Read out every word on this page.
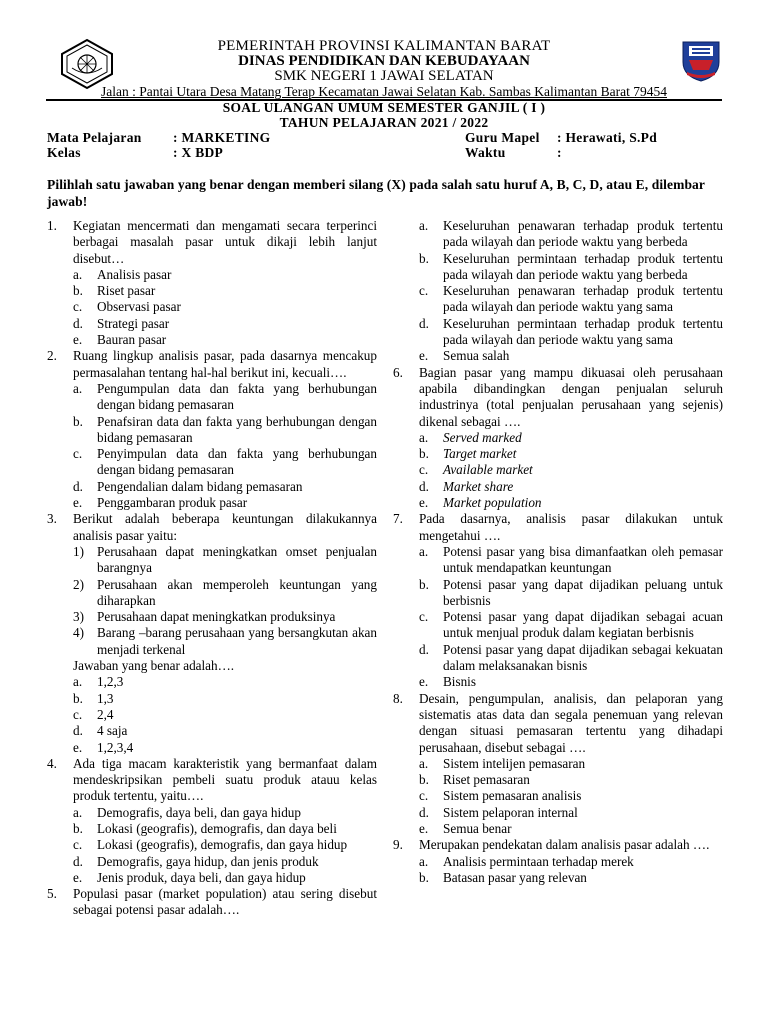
PEMERINTAH PROVINSI KALIMANTAN BARAT
DINAS PENDIDIKAN DAN KEBUDAYAAN
SMK NEGERI 1 JAWAI SELATAN
Jalan : Pantai Utara Desa Matang Terap Kecamatan Jawai Selatan Kab. Sambas Kalimantan Barat 79454
SOAL ULANGAN UMUM SEMESTER GANJIL ( I )
TAHUN PELAJARAN 2021 / 2022
Mata Pelajaran : MARKETING
Kelas	: X BDP
Guru Mapel : Herawati, S.Pd
Waktu	:
Pilihlah satu jawaban yang benar dengan memberi silang (X) pada salah satu huruf A, B, C, D, atau E, dilembar jawab!
1. Kegiatan mencermati dan mengamati secara terperinci berbagai masalah pasar untuk dikaji lebih lanjut disebut…
a. Analisis pasar
b. Riset pasar
c. Observasi pasar
d. Strategi pasar
e. Bauran pasar
2. Ruang lingkup analisis pasar, pada dasarnya mencakup permasalahan tentang hal-hal berikut ini, kecuali….
a. Pengumpulan data dan fakta yang berhubungan dengan bidang pemasaran
b. Penafsiran data dan fakta yang berhubungan dengan bidang pemasaran
c. Penyimpulan data dan fakta yang berhubungan dengan bidang pemasaran
d. Pengendalian dalam bidang pemasaran
e. Penggambaran produk pasar
3. Berikut adalah beberapa keuntungan dilakukannya analisis pasar yaitu:
1) Perusahaan dapat meningkatkan omset penjualan barangnya
2) Perusahaan akan memperoleh keuntungan yang diharapkan
3) Perusahaan dapat meningkatkan produksinya
4) Barang –barang perusahaan yang bersangkutan akan menjadi terkenal
Jawaban yang benar adalah….
a. 1,2,3
b. 1,3
c. 2,4
d. 4 saja
e. 1,2,3,4
4. Ada tiga macam karakteristik yang bermanfaat dalam mendeskripsikan pembeli suatu produk atauu kelas produk tertentu, yaitu….
a. Demografis, daya beli, dan gaya hidup
b. Lokasi (geografis), demografis, dan daya beli
c. Lokasi (geografis), demografis, dan gaya hidup
d. Demografis, gaya hidup, dan jenis produk
e. Jenis produk, daya beli, dan gaya hidup
5. Populasi pasar (market population) atau sering disebut sebagai potensi pasar adalah….
a. Keseluruhan penawaran terhadap produk tertentu pada wilayah dan periode waktu yang berbeda
b. Keseluruhan permintaan terhadap produk tertentu pada wilayah dan periode waktu yang berbeda
c. Keseluruhan penawaran terhadap produk tertentu pada wilayah dan periode waktu yang sama
d. Keseluruhan permintaan terhadap produk tertentu pada wilayah dan periode waktu yang sama
e. Semua salah
6. Bagian pasar yang mampu dikuasai oleh perusahaan apabila dibandingkan dengan penjualan seluruh industrinya (total penjualan perusahaan yang sejenis) dikenal sebagai ….
a. Served marked
b. Target market
c. Available market
d. Market share
e. Market population
7. Pada dasarnya, analisis pasar dilakukan untuk mengetahui ….
a. Potensi pasar yang bisa dimanfaatkan oleh pemasar untuk mendapatkan keuntungan
b. Potensi pasar yang dapat dijadikan peluang untuk berbisnis
c. Potensi pasar yang dapat dijadikan sebagai acuan untuk menjual produk dalam kegiatan berbisnis
d. Potensi pasar yang dapat dijadikan sebagai kekuatan dalam melaksanakan bisnis
e. Bisnis
8. Desain, pengumpulan, analisis, dan pelaporan yang sistematis atas data dan segala penemuan yang relevan dengan situasi pemasaran tertentu yang dihadapi perusahaan, disebut sebagai ….
a. Sistem intelijen pemasaran
b. Riset pemasaran
c. Sistem pemasaran analisis
d. Sistem pelaporan internal
e. Semua benar
9. Merupakan pendekatan dalam analisis pasar adalah ….
a. Analisis permintaan terhadap merek
b. Batasan pasar yang relevan
